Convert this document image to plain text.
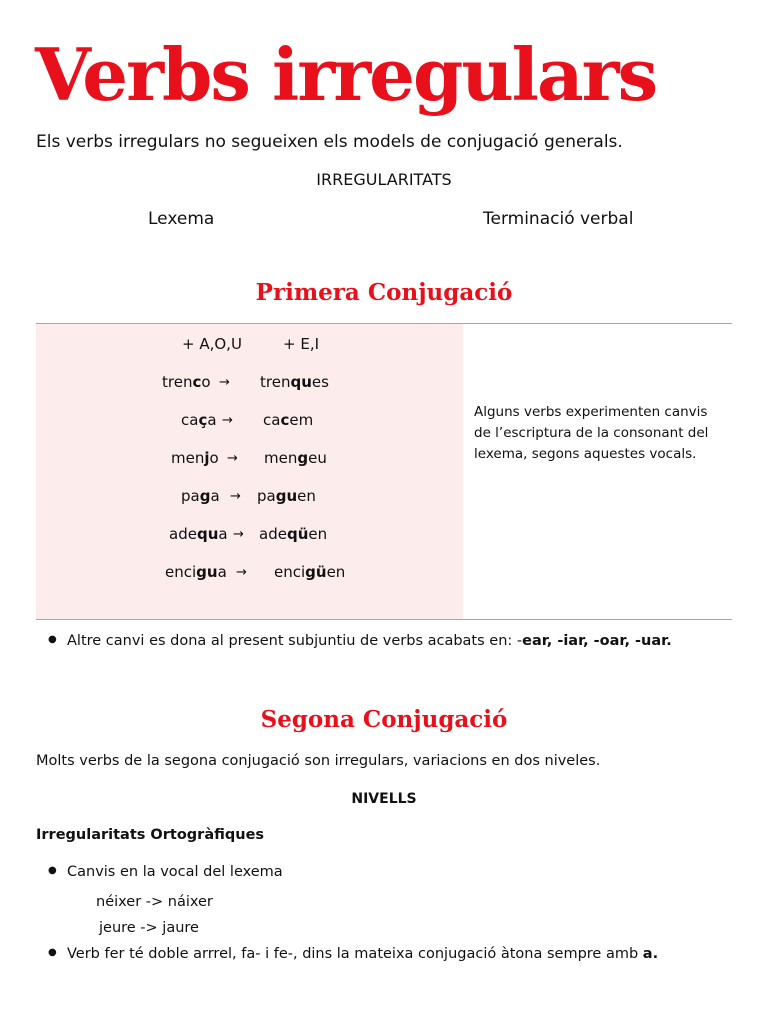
Verbs irregulars
Els verbs irregulars no segueixen els models de conjugació generals.
IRREGULARITATS
Lexema	Terminació verbal
Primera Conjugació
+ A,O,U	+ E,I
trenco → trenques
caça → cacem
menjo → mengeu
paga → paguen
adequa → adeqüen
encigua → encigüen
Alguns verbs experimenten canvis de l’escriptura de la consonant del lexema, segons aquestes vocals.
Altre canvi es dona al present subjuntiu de verbs acabats en: -ear, -iar, -oar, -uar.
Segona Conjugació
Molts verbs de la segona conjugació son irregulars, variacions en dos niveles.
NIVELLS
Irregularitats Ortogràfiques
Canvis en la vocal del lexema
néixer -> náixer
jeure -> jaure
Verb fer té doble arrrel, fa- i fe-, dins la mateixa conjugació àtona sempre amb a.
